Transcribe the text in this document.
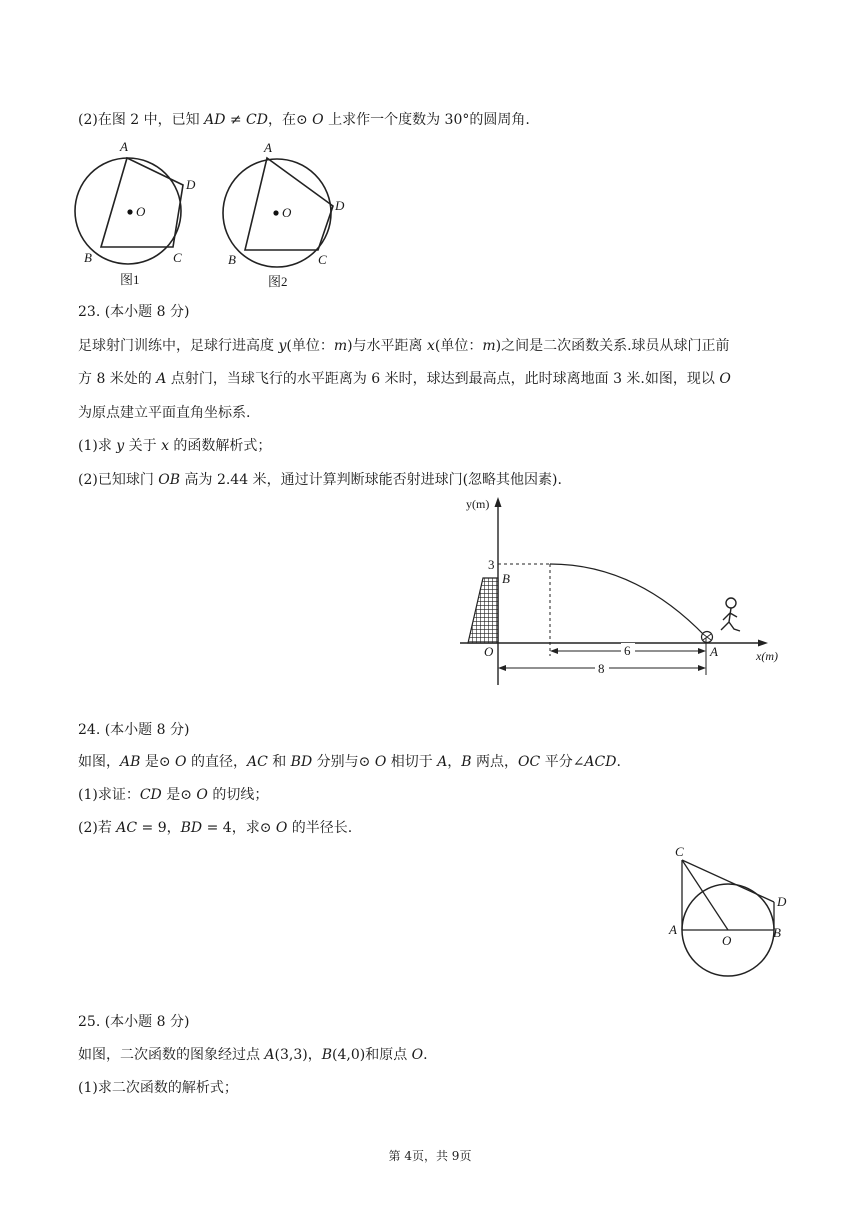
(2)在图 2 中，已知 𝐴𝐷 ≠ 𝐶𝐷，在⊙ 𝑂 上求作一个度数为 30°的圆周角.
O
A
D
B	C
图1
O
A
D
B	C
图2
23. (本小题 8 分)
足球射门训练中，足球行进高度 𝑦(单位：𝑚)与水平距离 𝑥(单位：𝑚)之间是二次函数关系.球员从球门正前
方 8 米处的 𝐴 点射门，当球飞行的水平距离为 6 米时，球达到最高点，此时球离地面 3 米.如图，现以 𝑂
为原点建立平面直角坐标系.
(1)求 𝑦 关于 𝑥 的函数解析式；
(2)已知球门 𝑂𝐵 高为 2.44 米，通过计算判断球能否射进球门(忽略其他因素).
y(m)
x(m)
3
B
O	A
6
8
24. (本小题 8 分)
如图，𝐴𝐵 是⊙ 𝑂 的直径，𝐴𝐶 和 𝐵𝐷 分别与⊙ 𝑂 相切于 𝐴，𝐵 两点，𝑂𝐶 平分∠𝐴𝐶𝐷.
(1)求证：𝐶𝐷 是⊙ 𝑂 的切线；
(2)若 𝐴𝐶 = 9，𝐵𝐷 = 4，求⊙ 𝑂 的半径长.
C
D
A
O
B
25. (本小题 8 分)
如图，二次函数的图象经过点 𝐴(3,3)，𝐵(4,0)和原点 𝑂.
(1)求二次函数的解析式；
第 4页，共 9页
